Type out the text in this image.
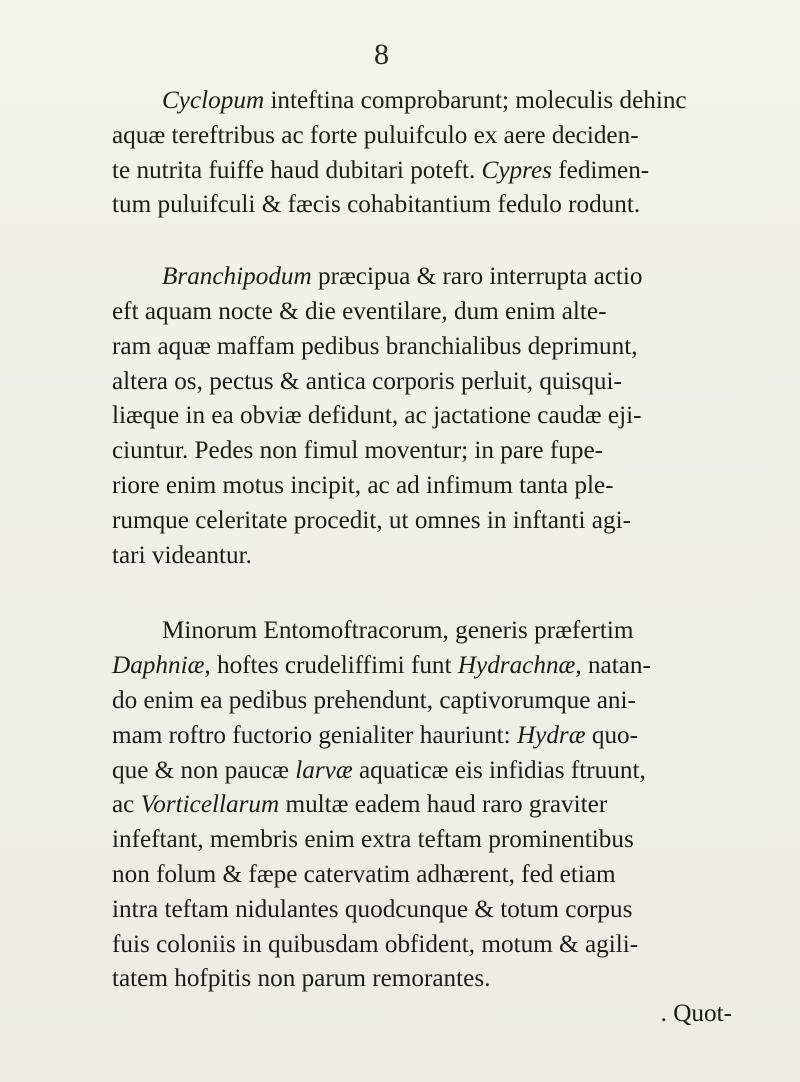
8
Cyclopum inteftina comprobarunt; moleculis dehinc
aquæ tereftribus ac forte puluifculo ex aere deciden-
te nutrita fuiffe haud dubitari poteft. Cypres fedimen-
tum puluifculi & fæcis cohabitantium fedulo rodunt.
Branchipodum præcipua & raro interrupta actio
eft aquam nocte & die eventilare, dum enim alte-
ram aquæ maffam pedibus branchialibus deprimunt,
altera os, pectus & antica corporis perluit, quisqui-
liæque in ea obviæ defidunt, ac jactatione caudæ eji-
ciuntur. Pedes non fimul moventur; in pare fupe-
riore enim motus incipit, ac ad infimum tanta ple-
rumque celeritate procedit, ut omnes in inftanti agi-
tari videantur.
Minorum Entomoftracorum, generis præfertim
Daphniæ, hoftes crudeliffimi funt Hydrachnæ, natan-
do enim ea pedibus prehendunt, captivorumque ani-
mam roftro fuctorio genialiter hauriunt: Hydræ quo-
que & non paucæ larvæ aquaticæ eis infidias ftruunt,
ac Vorticellarum multæ eadem haud raro graviter
infeftant, membris enim extra teftam prominentibus
non folum & fæpe catervatim adhærent, fed etiam
intra teftam nidulantes quodcunque & totum corpus
fuis coloniis in quibusdam obfident, motum & agili-
tatem hofpitis non parum remorantes.
. Quot-
